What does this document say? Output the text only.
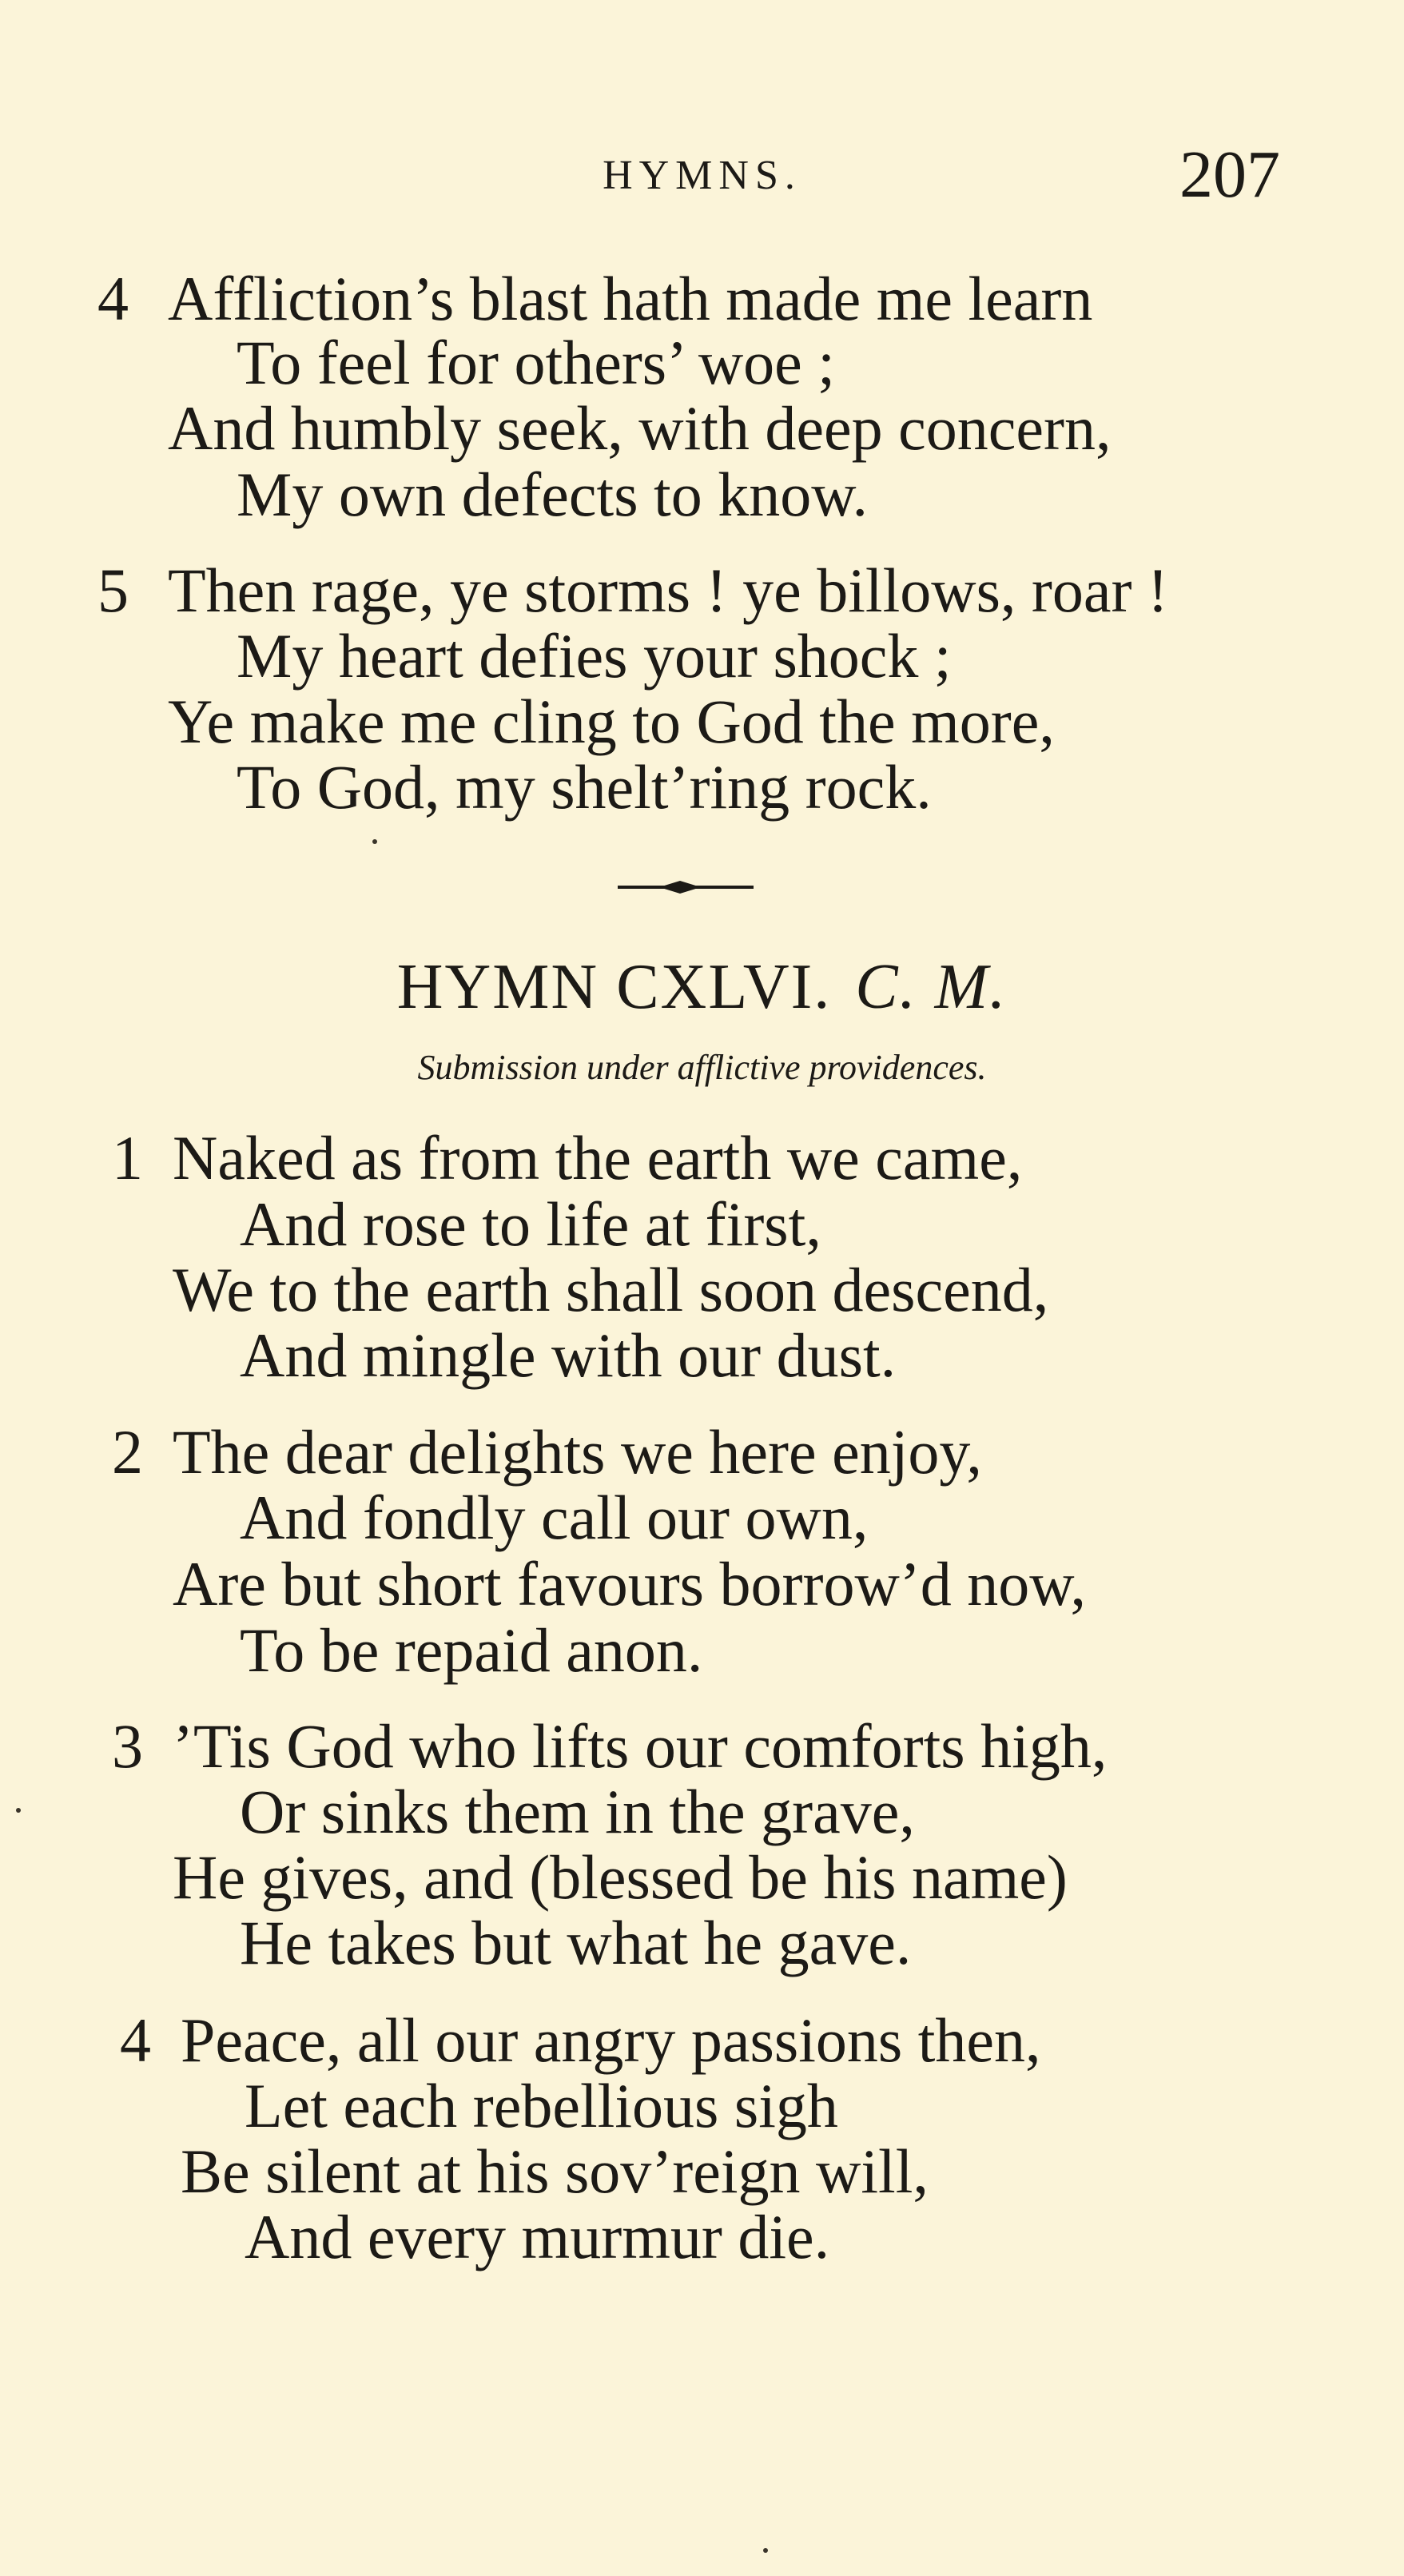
HYMNS.	207
4 Affliction’s blast hath made me learn
To feel for others’ woe ;
And humbly seek, with deep concern,
My own defects to know.
5 Then rage, ye storms ! ye billows, roar !
My heart defies your shock ;
Ye make me cling to God the more,
To God, my shelt’ring rock.
HYMN CXLVI. C. M.
Submission under afflictive providences.
1 Naked as from the earth we came,
And rose to life at first,
We to the earth shall soon descend,
And mingle with our dust.
2 The dear delights we here enjoy,
And fondly call our own,
Are but short favours borrow’d now,
To be repaid anon.
3 ’Tis God who lifts our comforts high,
Or sinks them in the grave,
He gives, and (blessed be his name)
He takes but what he gave.
4 Peace, all our angry passions then,
Let each rebellious sigh
Be silent at his sov’reign will,
And every murmur die.
